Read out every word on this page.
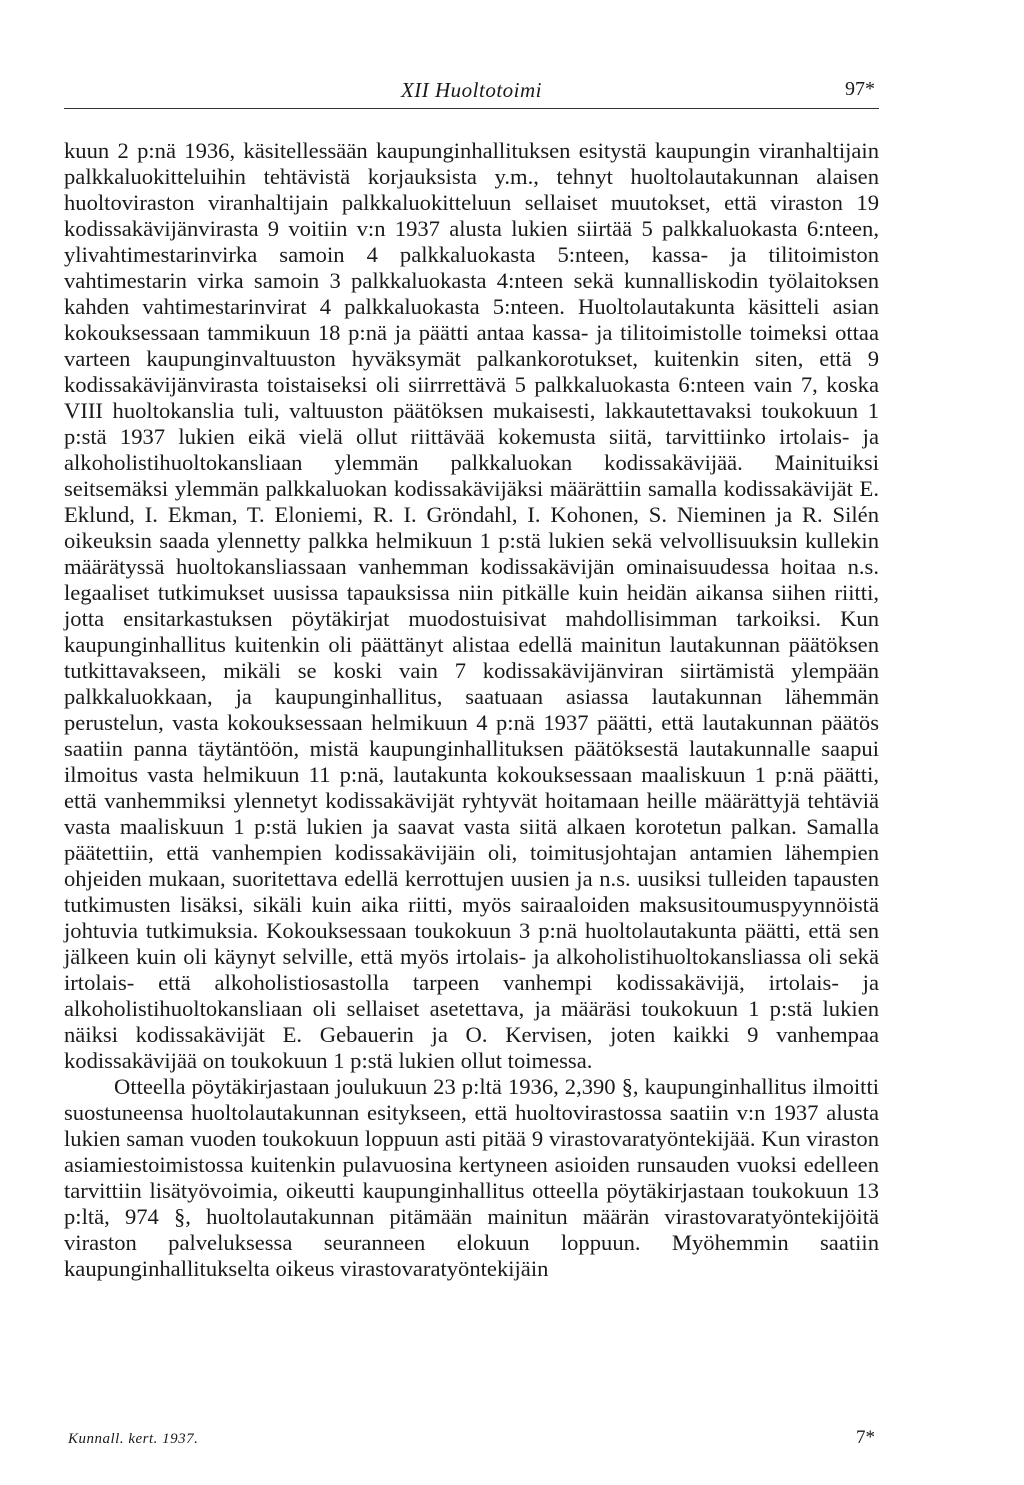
XII Huoltotoimi	97*

kuun 2 p:nä 1936, käsitellessään kaupunginhallituksen esitystä kaupungin viranhaltijain palkkaluokitteluihin tehtävistä korjauksista y.m., tehnyt huoltolautakunnan alaisen huoltoviraston viranhaltijain palkkaluokitteluun sellaiset muutokset, että viraston 19 kodissakävijänvirasta 9 voitiin v:n 1937 alusta lukien siirtää 5 palkkaluokasta 6:nteen, ylivahtimestarinvirka samoin 4 palkkaluokasta 5:nteen, kassa- ja tilitoimiston vahtimestarin virka samoin 3 palkkaluokasta 4:nteen sekä kunnalliskodin työlaitoksen kahden vahtimestarinvirat 4 palkkaluokasta 5:nteen. Huoltolautakunta käsitteli asian kokouksessaan tammikuun 18 p:nä ja päätti antaa kassa- ja tilitoimistolle toimeksi ottaa varteen kaupunginvaltuuston hyväksymät palkankorotukset, kuitenkin siten, että 9 kodissakävijänvirasta toistaiseksi oli siirrrettävä 5 palkkaluokasta 6:nteen vain 7, koska VIII huoltokanslia tuli, valtuuston päätöksen mukaisesti, lakkautettavaksi toukokuun 1 p:stä 1937 lukien eikä vielä ollut riittävää kokemusta siitä, tarvittiinko irtolais- ja alkoholistihuoltokansliaan ylemmän palkkaluokan kodissakävijää. Mainituiksi seitsemäksi ylemmän palkkaluokan kodissakävijäksi määrättiin samalla kodissakävijät E. Eklund, I. Ekman, T. Eloniemi, R. I. Gröndahl, I. Kohonen, S. Nieminen ja R. Silén oikeuksin saada ylennetty palkka helmikuun 1 p:stä lukien sekä velvollisuuksin kullekin määrätyssä huoltokansliassaan vanhemman kodissakävijän ominaisuudessa hoitaa n.s. legaaliset tutkimukset uusissa tapauksissa niin pitkälle kuin heidän aikansa siihen riitti, jotta ensitarkastuksen pöytäkirjat muodostuisivat mahdollisimman tarkoiksi. Kun kaupunginhallitus kuitenkin oli päättänyt alistaa edellä mainitun lautakunnan päätöksen tutkittavakseen, mikäli se koski vain 7 kodissakävijänviran siirtämistä ylempään palkkaluokkaan, ja kaupunginhallitus, saatuaan asiassa lautakunnan lähemmän perustelun, vasta kokouksessaan helmikuun 4 p:nä 1937 päätti, että lautakunnan päätös saatiin panna täytäntöön, mistä kaupunginhallituksen päätöksestä lautakunnalle saapui ilmoitus vasta helmikuun 11 p:nä, lautakunta kokouksessaan maaliskuun 1 p:nä päätti, että vanhemmiksi ylennetyt kodissakävijät ryhtyvät hoitamaan heille määrättyjä tehtäviä vasta maaliskuun 1 p:stä lukien ja saavat vasta siitä alkaen korotetun palkan. Samalla päätettiin, että vanhempien kodissakävijäin oli, toimitusjohtajan antamien lähempien ohjeiden mukaan, suoritettava edellä kerrottujen uusien ja n.s. uusiksi tulleiden tapausten tutkimusten lisäksi, sikäli kuin aika riitti, myös sairaaloiden maksusitoumuspyynnöistä johtuvia tutkimuksia. Kokouksessaan toukokuun 3 p:nä huoltolautakunta päätti, että sen jälkeen kuin oli käynyt selville, että myös irtolais- ja alkoholistihuoltokansliassa oli sekä irtolais- että alkoholistiosastolla tarpeen vanhempi kodissakävijä, irtolais- ja alkoholistihuoltokansliaan oli sellaiset asetettava, ja määräsi toukokuun 1 p:stä lukien näiksi kodissakävijät E. Gebauerin ja O. Kervisen, joten kaikki 9 vanhempaa kodissakävijää on toukokuun 1 p:stä lukien ollut toimessa.

Otteella pöytäkirjastaan joulukuun 23 p:ltä 1936, 2,390 §, kaupunginhallitus ilmoitti suostuneensa huoltolautakunnan esitykseen, että huoltovirastossa saatiin v:n 1937 alusta lukien saman vuoden toukokuun loppuun asti pitää 9 virastovaratyöntekijää. Kun viraston asiamiestoimistossa kuitenkin pulavuosina kertyneen asioiden runsauden vuoksi edelleen tarvittiin lisätyövoimia, oikeutti kaupunginhallitus otteella pöytäkirjastaan toukokuun 13 p:ltä, 974 §, huoltolautakunnan pitämään mainitun määrän virastovaratyöntekijöitä viraston palveluksessa seuranneen elokuun loppuun. Myöhemmin saatiin kaupunginhallitukselta oikeus virastovaratyöntekijäin

Kunnall. kert. 1937.	7*
